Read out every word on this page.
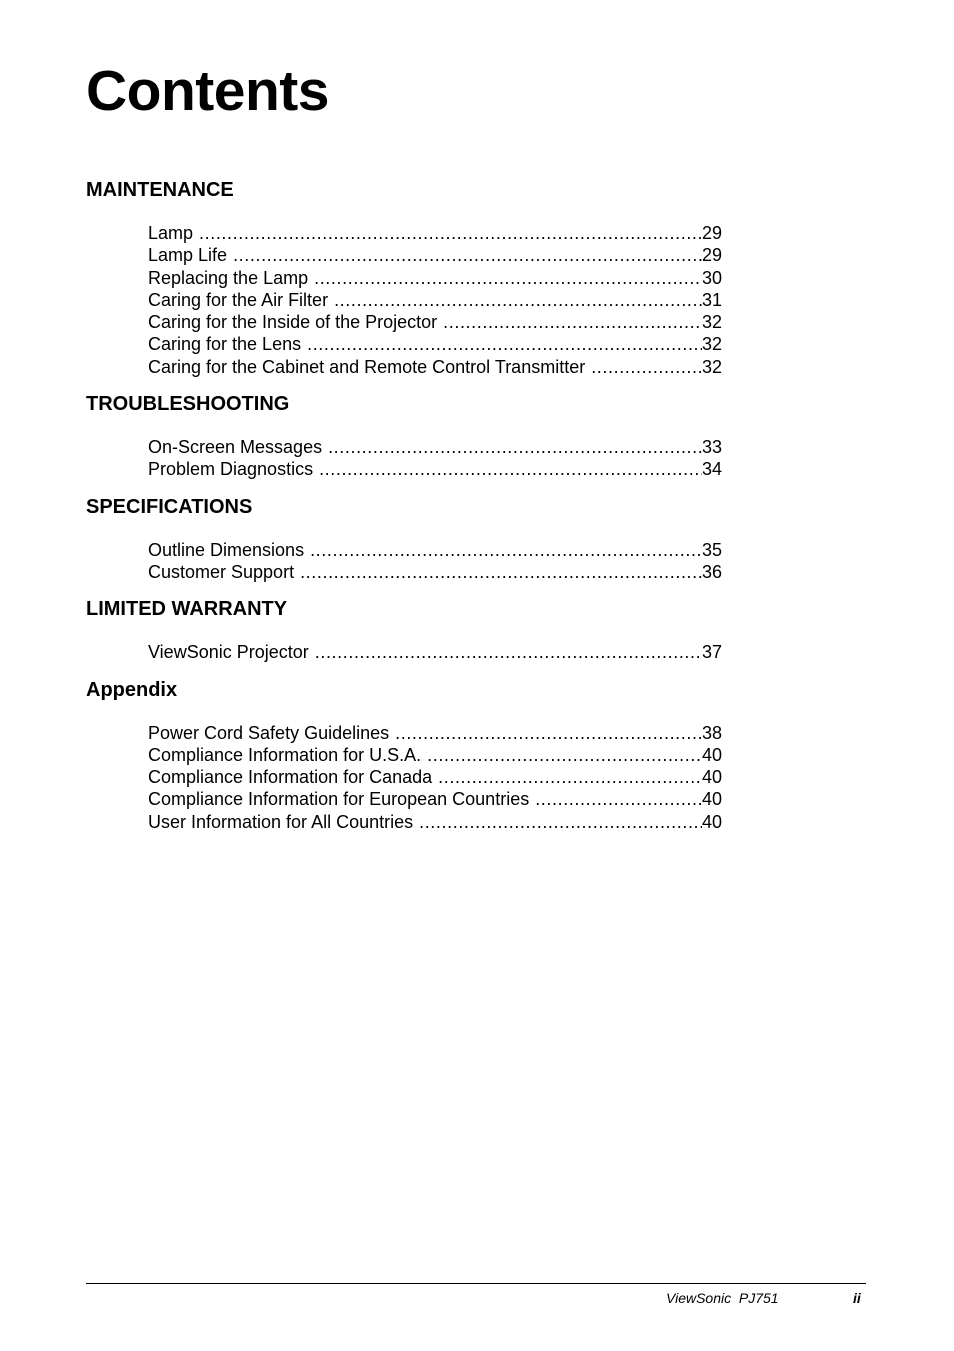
Contents
MAINTENANCE
Lamp .....	29
Lamp Life .....	29
Replacing the Lamp .....	30
Caring for the Air Filter .....	31
Caring for the Inside of the Projector .....	32
Caring for the Lens .....	32
Caring for the Cabinet and Remote Control Transmitter .....	32
TROUBLESHOOTING
On-Screen Messages .....	33
Problem Diagnostics .....	34
SPECIFICATIONS
Outline Dimensions .....	35
Customer Support .....	36
LIMITED WARRANTY
ViewSonic Projector .....	37
Appendix
Power Cord Safety Guidelines .....	38
Compliance Information for U.S.A. .....	40
Compliance Information for Canada .....	40
Compliance Information for European Countries .....	40
User Information for All Countries .....	40
ViewSonic  PJ751	ii
